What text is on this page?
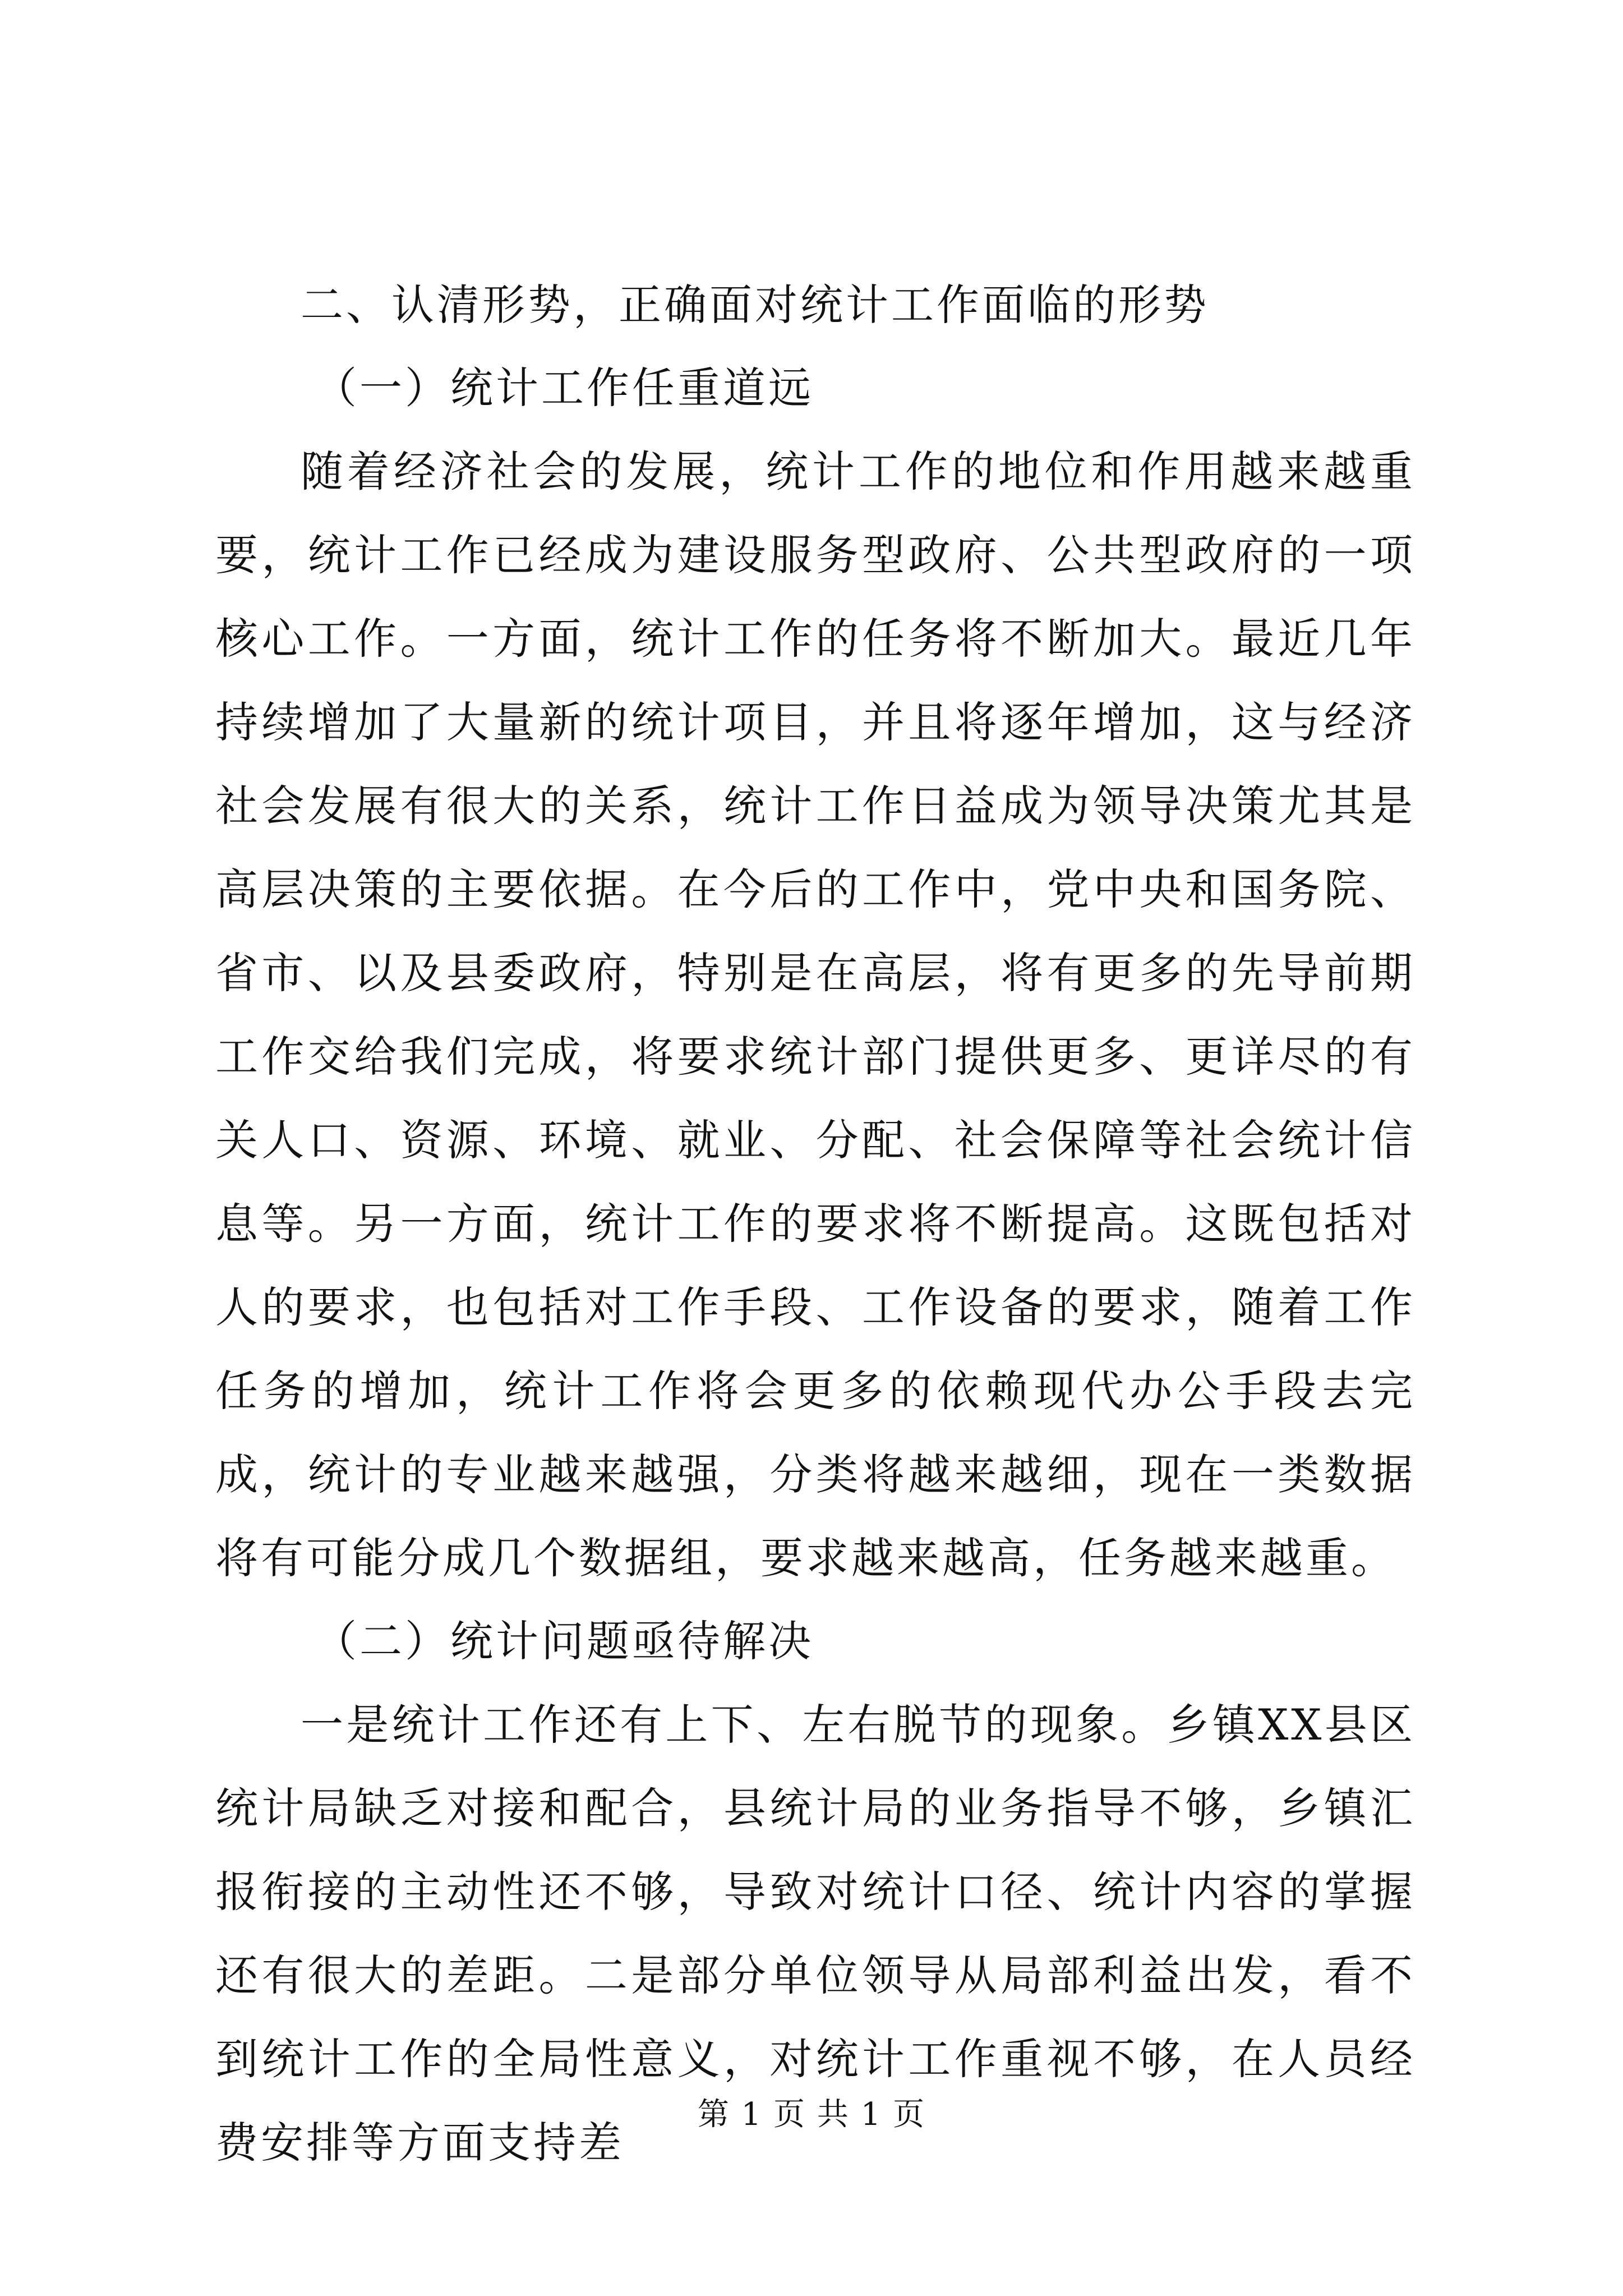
二、认清形势，正确面对统计工作面临的形势
（一）统计工作任重道远

随着经济社会的发展，统计工作的地位和作用越来越重要，统计工作已经成为建设服务型政府、公共型政府的一项核心工作。一方面，统计工作的任务将不断加大。最近几年持续增加了大量新的统计项目，并且将逐年增加，这与经济社会发展有很大的关系，统计工作日益成为领导决策尤其是高层决策的主要依据。在今后的工作中，党中央和国务院、省市、以及县委政府，特别是在高层，将有更多的先导前期工作交给我们完成，将要求统计部门提供更多、更详尽的有关人口、资源、环境、就业、分配、社会保障等社会统计信息等。另一方面，统计工作的要求将不断提高。这既包括对人的要求，也包括对工作手段、工作设备的要求，随着工作任务的增加，统计工作将会更多的依赖现代办公手段去完成，统计的专业越来越强，分类将越来越细，现在一类数据将有可能分成几个数据组，要求越来越高，任务越来越重。

（二）统计问题亟待解决

一是统计工作还有上下、左右脱节的现象。乡镇XX县区统计局缺乏对接和配合，县统计局的业务指导不够，乡镇汇报衔接的主动性还不够，导致对统计口径、统计内容的掌握还有很大的差距。二是部分单位领导从局部利益出发，看不到统计工作的全局性意义，对统计工作重视不够，在人员经费安排等方面支持差

第 1 页 共 1 页
